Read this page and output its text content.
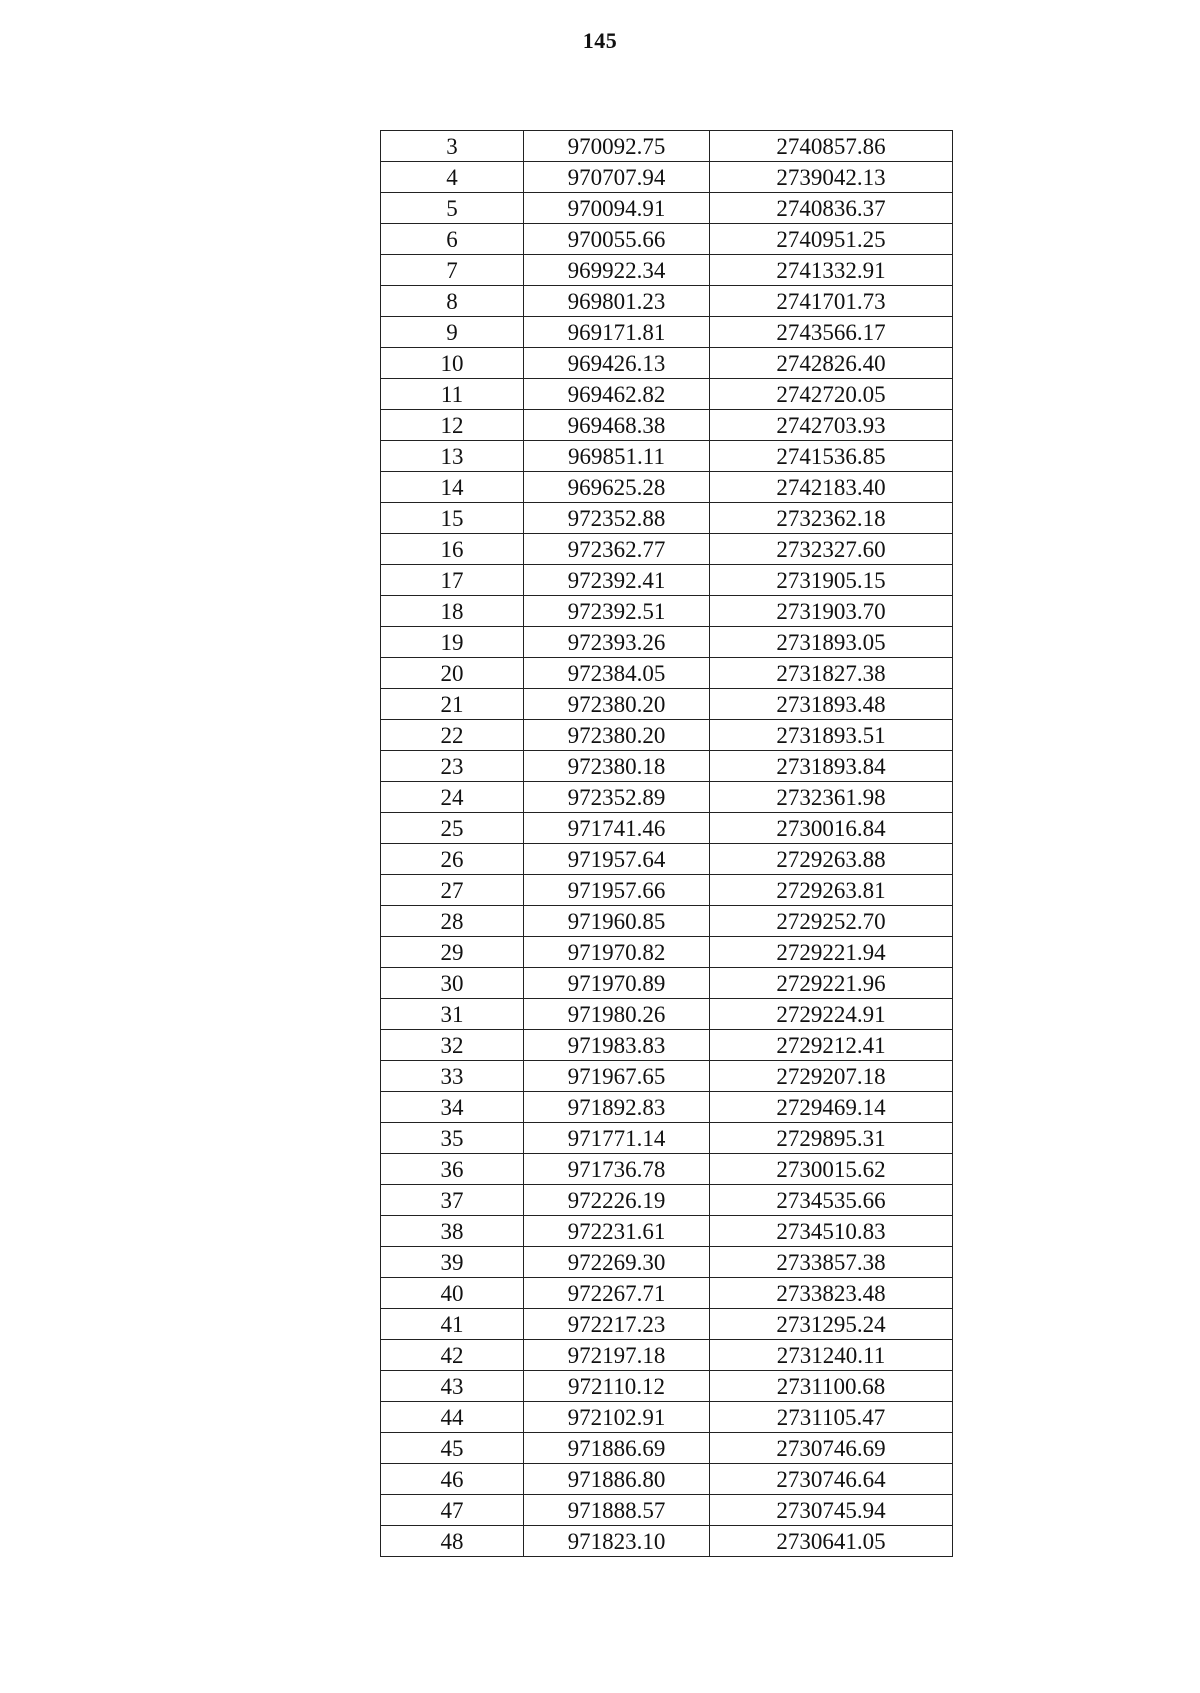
145
3	970092.75	2740857.86
4	970707.94	2739042.13
5	970094.91	2740836.37
6	970055.66	2740951.25
7	969922.34	2741332.91
8	969801.23	2741701.73
9	969171.81	2743566.17
10	969426.13	2742826.40
11	969462.82	2742720.05
12	969468.38	2742703.93
13	969851.11	2741536.85
14	969625.28	2742183.40
15	972352.88	2732362.18
16	972362.77	2732327.60
17	972392.41	2731905.15
18	972392.51	2731903.70
19	972393.26	2731893.05
20	972384.05	2731827.38
21	972380.20	2731893.48
22	972380.20	2731893.51
23	972380.18	2731893.84
24	972352.89	2732361.98
25	971741.46	2730016.84
26	971957.64	2729263.88
27	971957.66	2729263.81
28	971960.85	2729252.70
29	971970.82	2729221.94
30	971970.89	2729221.96
31	971980.26	2729224.91
32	971983.83	2729212.41
33	971967.65	2729207.18
34	971892.83	2729469.14
35	971771.14	2729895.31
36	971736.78	2730015.62
37	972226.19	2734535.66
38	972231.61	2734510.83
39	972269.30	2733857.38
40	972267.71	2733823.48
41	972217.23	2731295.24
42	972197.18	2731240.11
43	972110.12	2731100.68
44	972102.91	2731105.47
45	971886.69	2730746.69
46	971886.80	2730746.64
47	971888.57	2730745.94
48	971823.10	2730641.05
